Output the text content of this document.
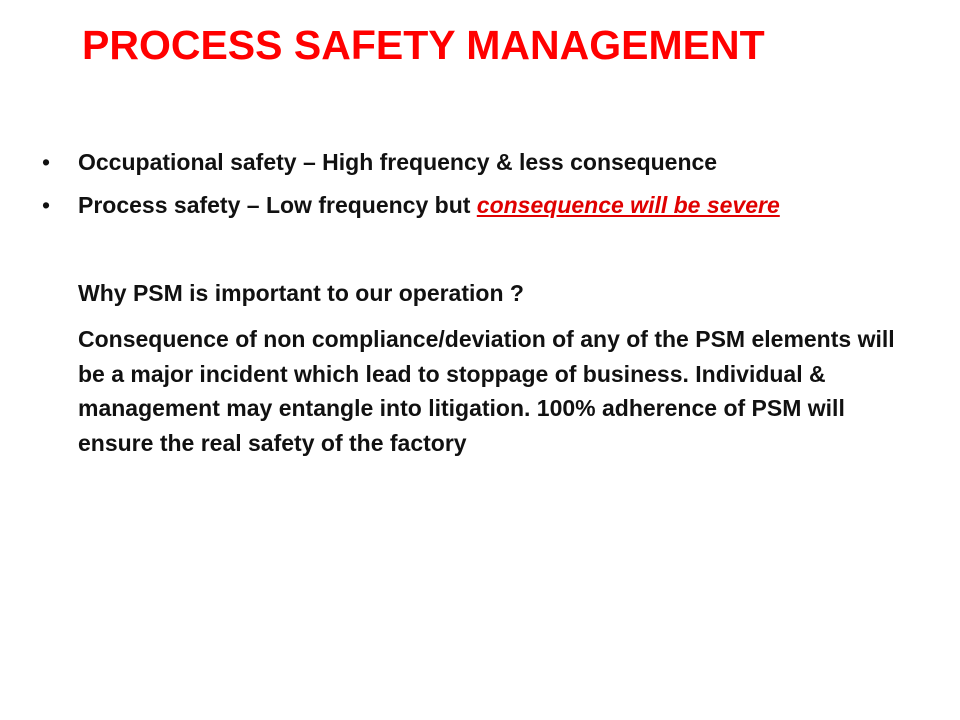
PROCESS SAFETY MANAGEMENT
• Occupational safety – High frequency & less consequence
• Process safety – Low frequency but consequence will be severe

Why PSM is important to our operation ?

Consequence of non compliance/deviation of any of the PSM elements will be a major incident which lead to stoppage of business. Individual & management may entangle into litigation. 100% adherence of PSM will ensure the real safety of the factory
